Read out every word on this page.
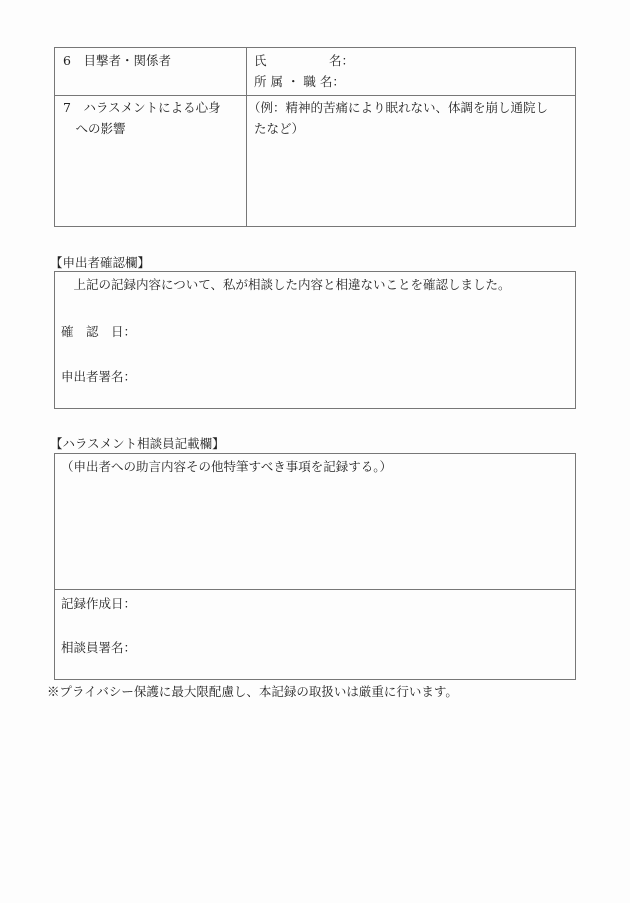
6　目撃者・関係者	氏　　　　　名：
所 属 ・ 職 名：
7　ハラスメントによる心身
　への影響
（例：精神的苦痛により眠れない、体調を崩し通院し
たなど）
【申出者確認欄】
　上記の記録内容について、私が相談した内容と相違ないことを確認しました。
確　認　日：
申出者署名：
【ハラスメント相談員記載欄】
（申出者への助言内容その他特筆すべき事項を記録する。）
記録作成日：
相談員署名：
※プライバシー保護に最大限配慮し、本記録の取扱いは厳重に行います。
